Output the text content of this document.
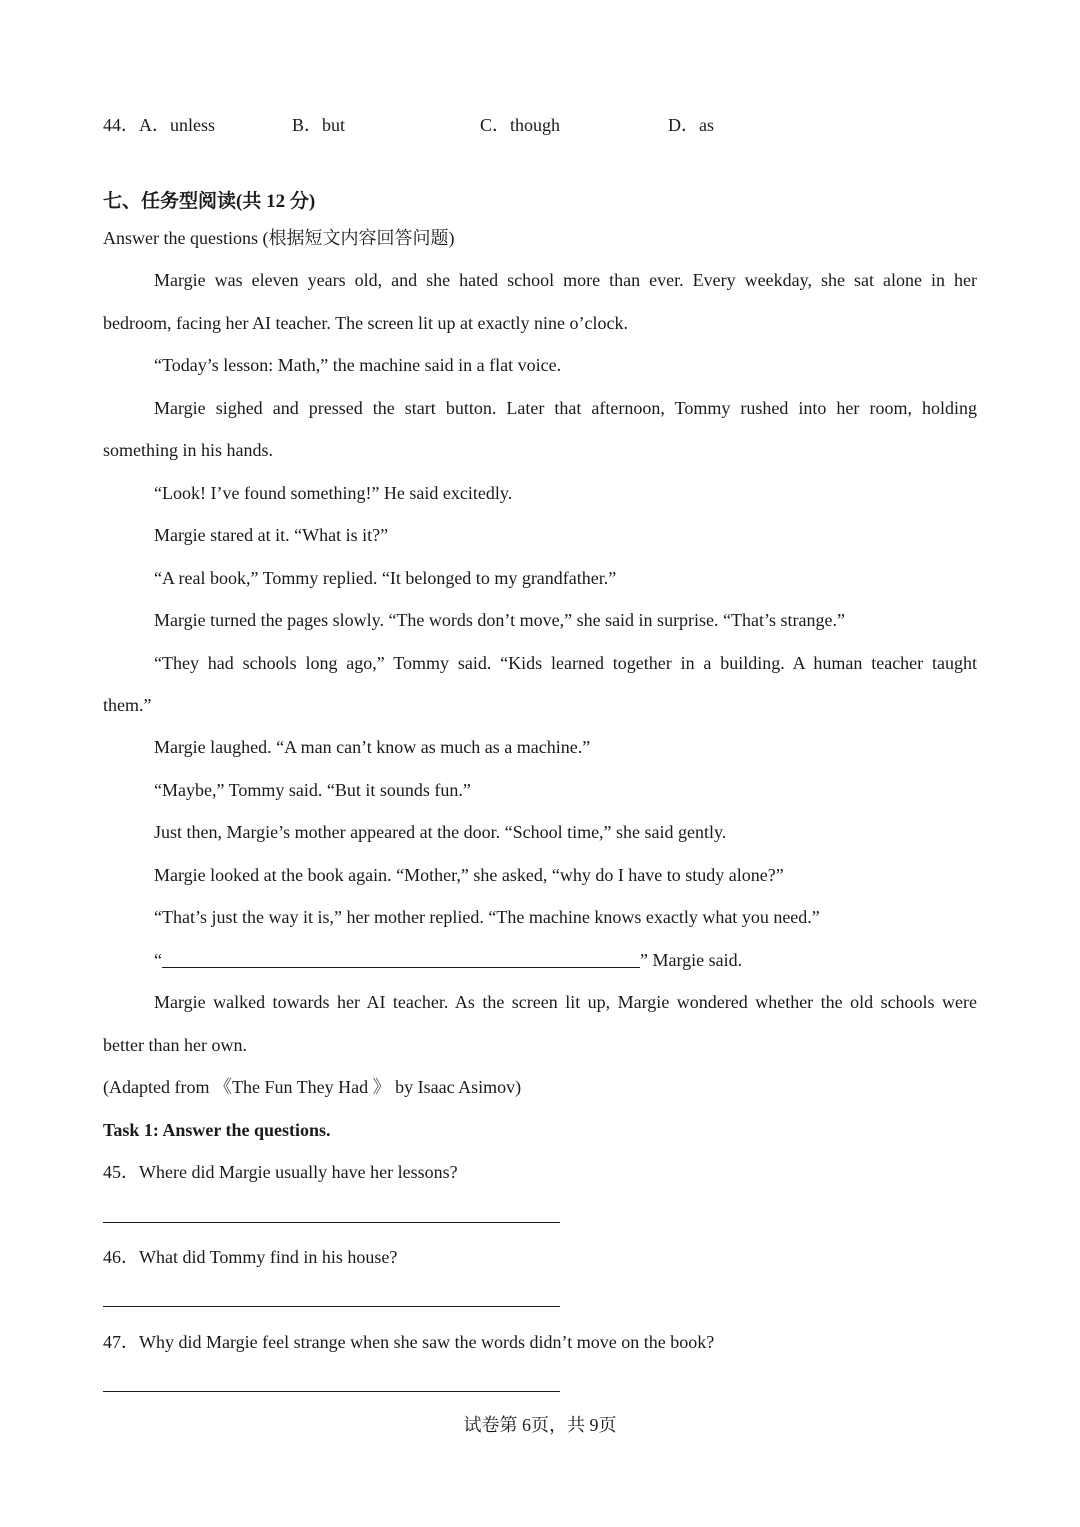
44．A．unless	B．but	C．though	D．as
七、任务型阅读(共 12 分)
Answer the questions (根据短文内容回答问题)
Margie was eleven years old, and she hated school more than ever. Every weekday, she sat alone in her
bedroom, facing her AI teacher. The screen lit up at exactly nine o’clock.
“Today’s lesson: Math,” the machine said in a flat voice.
Margie sighed and pressed the start button. Later that afternoon, Tommy rushed into her room, holding
something in his hands.
“Look! I’ve found something!” He said excitedly.
Margie stared at it. “What is it?”
“A real book,” Tommy replied. “It belonged to my grandfather.”
Margie turned the pages slowly. “The words don’t move,” she said in surprise. “That’s strange.”
“They had schools long ago,” Tommy said. “Kids learned together in a building. A human teacher taught
them.”
Margie laughed. “A man can’t know as much as a machine.”
“Maybe,” Tommy said. “But it sounds fun.”
Just then, Margie’s mother appeared at the door. “School time,” she said gently.
Margie looked at the book again. “Mother,” she asked, “why do I have to study alone?”
“That’s just the way it is,” her mother replied. “The machine knows exactly what you need.”
“	” Margie said.
Margie walked towards her AI teacher. As the screen lit up, Margie wondered whether the old schools were
better than her own.
(Adapted from 《The Fun They Had 》 by Isaac Asimov)
Task 1: Answer the questions.
45．Where did Margie usually have her lessons?
46．What did Tommy find in his house?
47．Why did Margie feel strange when she saw the words didn’t move on the book?
试卷第 6页，共 9页
